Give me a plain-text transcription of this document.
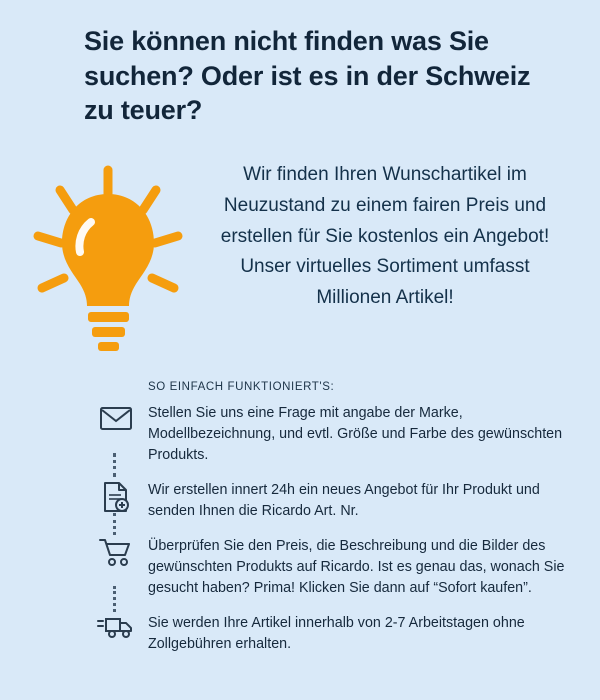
Sie können nicht finden was Sie suchen? Oder ist es in der Schweiz zu teuer?
Wir finden Ihren Wunschartikel im Neuzustand zu einem fairen Preis und erstellen für Sie kostenlos ein Angebot! Unser virtuelles Sortiment umfasst Millionen Artikel!
SO EINFACH FUNKTIONIERT'S:
Stellen Sie uns eine Frage mit angabe der Marke, Modellbezeichnung, und evtl. Größe und Farbe des gewünschten Produkts.
Wir erstellen innert 24h ein neues Angebot für Ihr Produkt und senden Ihnen die Ricardo Art. Nr.
Überprüfen Sie den Preis, die Beschreibung und die Bilder des gewünschten Produkts auf Ricardo. Ist es genau das, wonach Sie gesucht haben? Prima! Klicken Sie dann auf “Sofort kaufen”.
Sie werden Ihre Artikel innerhalb von 2-7 Arbeitstagen ohne Zollgebühren erhalten.
